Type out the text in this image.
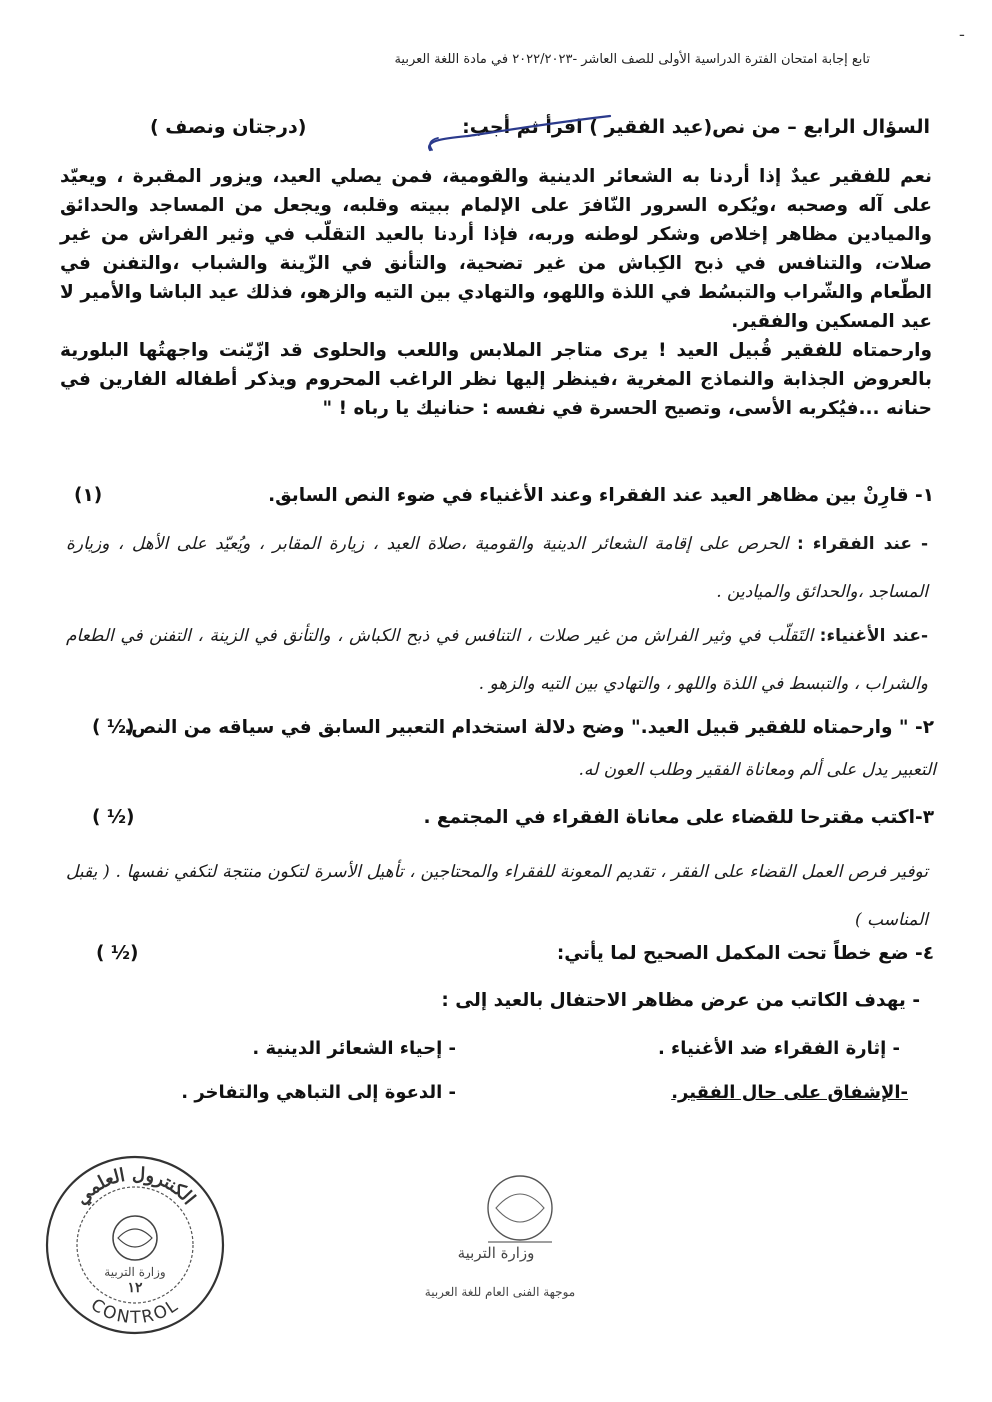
تابع إجابة امتحان الفترة الدراسية الأولى للصف العاشر -٢٠٢٢/٢٠٢٣ في مادة اللغة العربية
ـ
السؤال الرابع – من نص(عيد الفقير ) اقرأ ثم أجب:
(درجتان ونصف )
نعم للفقير عيدٌ إذا أردنا به الشعائر الدينية والقومية، فمن يصلي العيد، ويزور المقبرة ، ويعيّد على آله وصحبه ،ويُكره السرور النّافرَ على الإلمام ببيته وقلبه، ويجعل من المساجد والحدائق والميادين مظاهر إخلاص وشكر لوطنه وربه، فإذا أردنا بالعيد التقلّب في وثير الفراش من غير صلات، والتنافس في ذبح الكِباش من غير تضحية، والتأنق في الزّينة والشباب ،والتفنن في الطّعام والشّراب والتبسُط في اللذة واللهو، والتهادي بين التيه والزهو، فذلك عيد الباشا والأمير لا عيد المسكين والفقير.
وارحمتاه للفقير قُبيل العيد ! يرى متاجر الملابس واللعب والحلوى قد ازّيّنت واجهتُها البلورية بالعروض الجذابة والنماذج المغرية ،فينظر إليها نظر الراغب المحروم ويذكر أطفاله الفارين في حنانه ...فيُكربه الأسى، وتصيح الحسرة في نفسه : حنانيك يا رباه ! "
١- قارِنْ بين مظاهر العيد عند الفقراء وعند الأغنياء في ضوء النص السابق.
(١)
- عند الفقراء : الحرص على إقامة الشعائر الدينية والقومية ،صلاة العيد ، زيارة المقابر ، ويُعيّد على الأهل ، وزيارة المساجد ،والحدائق والميادين .
-عند الأغنياء: التَقلّب في وثير الفراش من غير صلات ، التنافس في ذبح الكباش ، والتأنق في الزينة ، التفنن في الطعام والشراب ، والتبسط في اللذة واللهو ، والتهادي بين التيه والزهو .
٢- " وارحمتاه للفقير قبيل العيد." وضح دلالة استخدام التعبير السابق في سياقه من النص.
( ½)
التعبير يدل على ألم ومعاناة الفقير وطلب العون له.
٣-اكتب مقترحا للقضاء على معاناة الفقراء في المجتمع .
( ½)
توفير فرص العمل القضاء على الفقر ، تقديم المعونة للفقراء والمحتاجين ، تأهيل الأسرة لتكون منتجة لتكفي نفسها . ( يقبل المناسب )
٤- ضع خطاً تحت المكمل الصحيح لما يأتي:
( ½)
- يهدف الكاتب من عرض مظاهر الاحتفال بالعيد إلى :
- إثارة الفقراء ضد الأغنياء .
- إحياء الشعائر الدينية .
-الإشفاق على حال الفقير.
- الدعوة إلى التباهي والتفاخر .
الكنترول العلمي
وزارة التربية
١٢
CONTROL
وزارة التربية
موجهة الفنى العام للغة العربية
